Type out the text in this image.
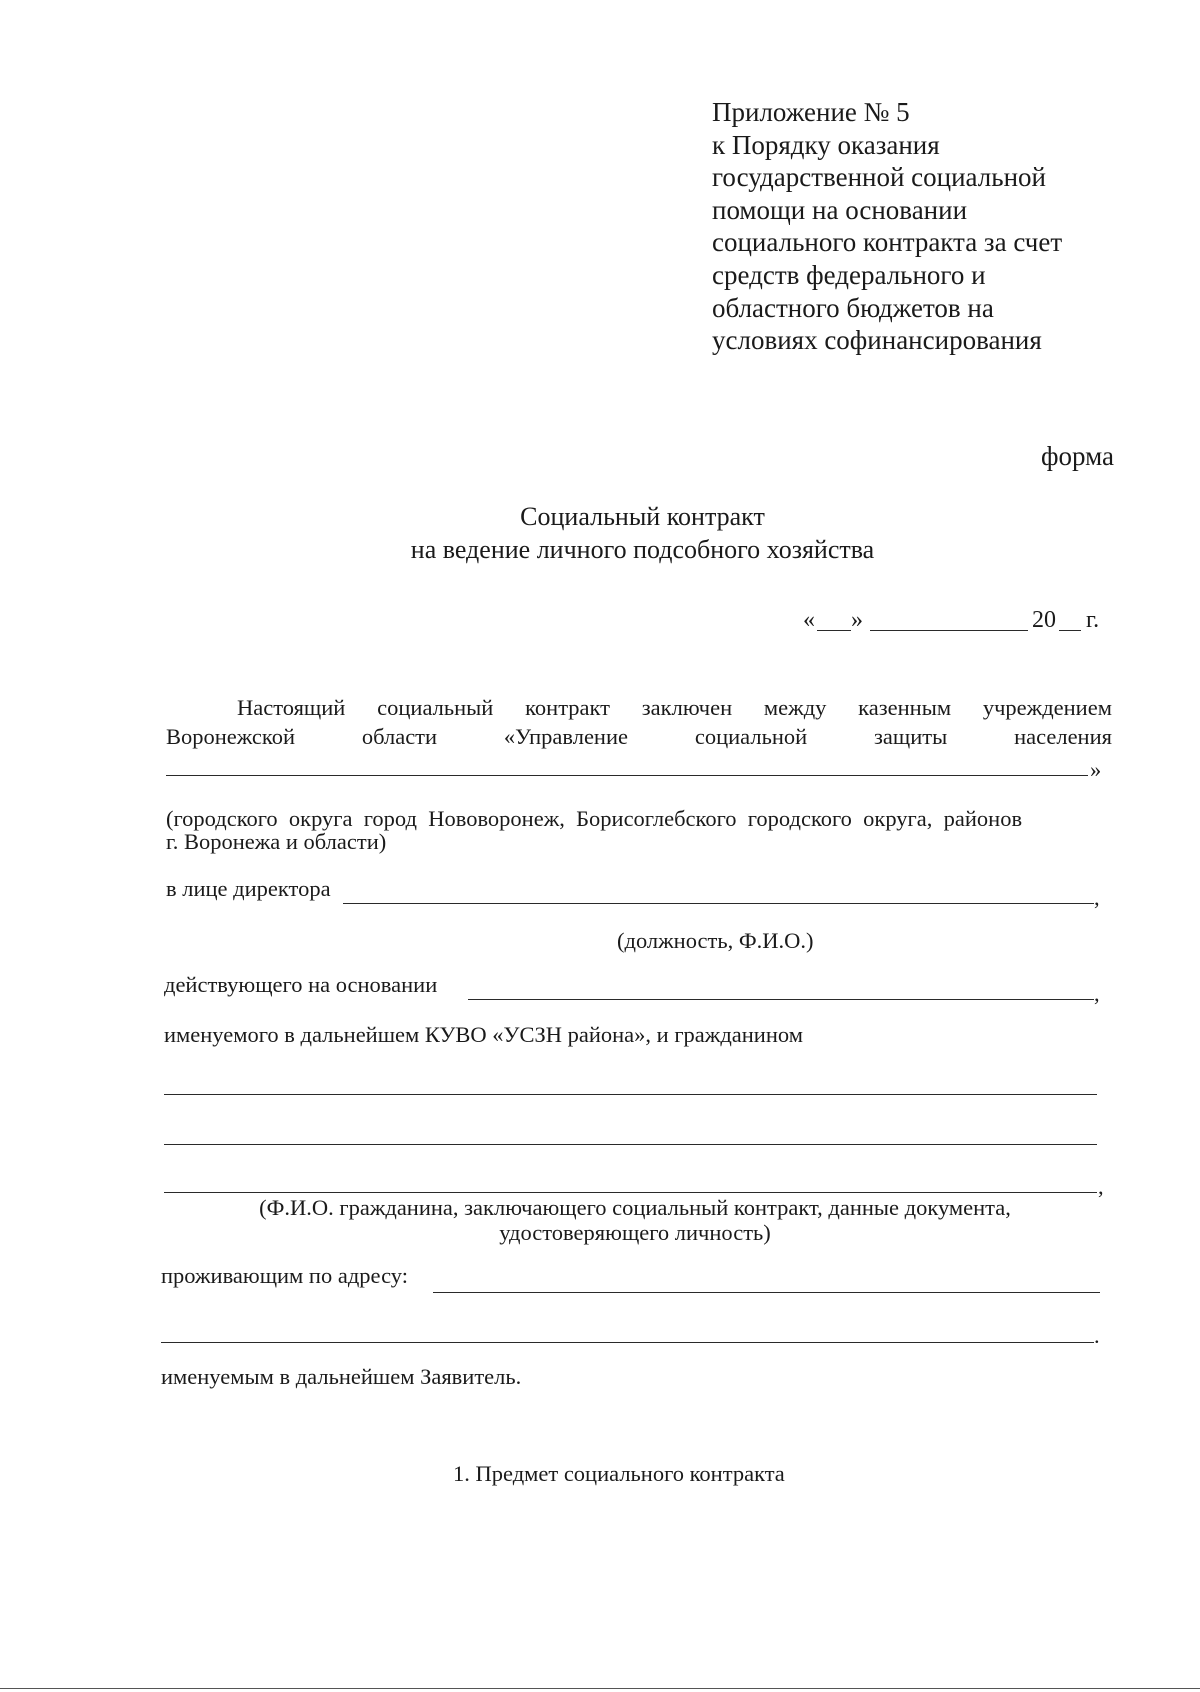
Приложение № 5
к Порядку оказания
государственной социальной
помощи на основании
социального контракта за счет
средств федерального и
областного бюджетов на
условиях софинансирования
форма
Социальный контракт
на ведение личного подсобного хозяйства
« »	20 г.
Настоящий социальный контракт заключен между казенным учреждением
Воронежской	области	«Управление	социальной	защиты	населения
»
(городского  округа  город  Нововоронеж,  Борисоглебского  городского  округа,  районов
г. Воронежа и области)
в лице директора	,
(должность, Ф.И.О.)
действующего на основании	,
именуемого в дальнейшем КУВО «УСЗН района», и гражданином
,
(Ф.И.О. гражданина, заключающего социальный контракт, данные документа,
удостоверяющего личность)
проживающим по адресу:
.
именуемым в дальнейшем Заявитель.
1. Предмет социального контракта
